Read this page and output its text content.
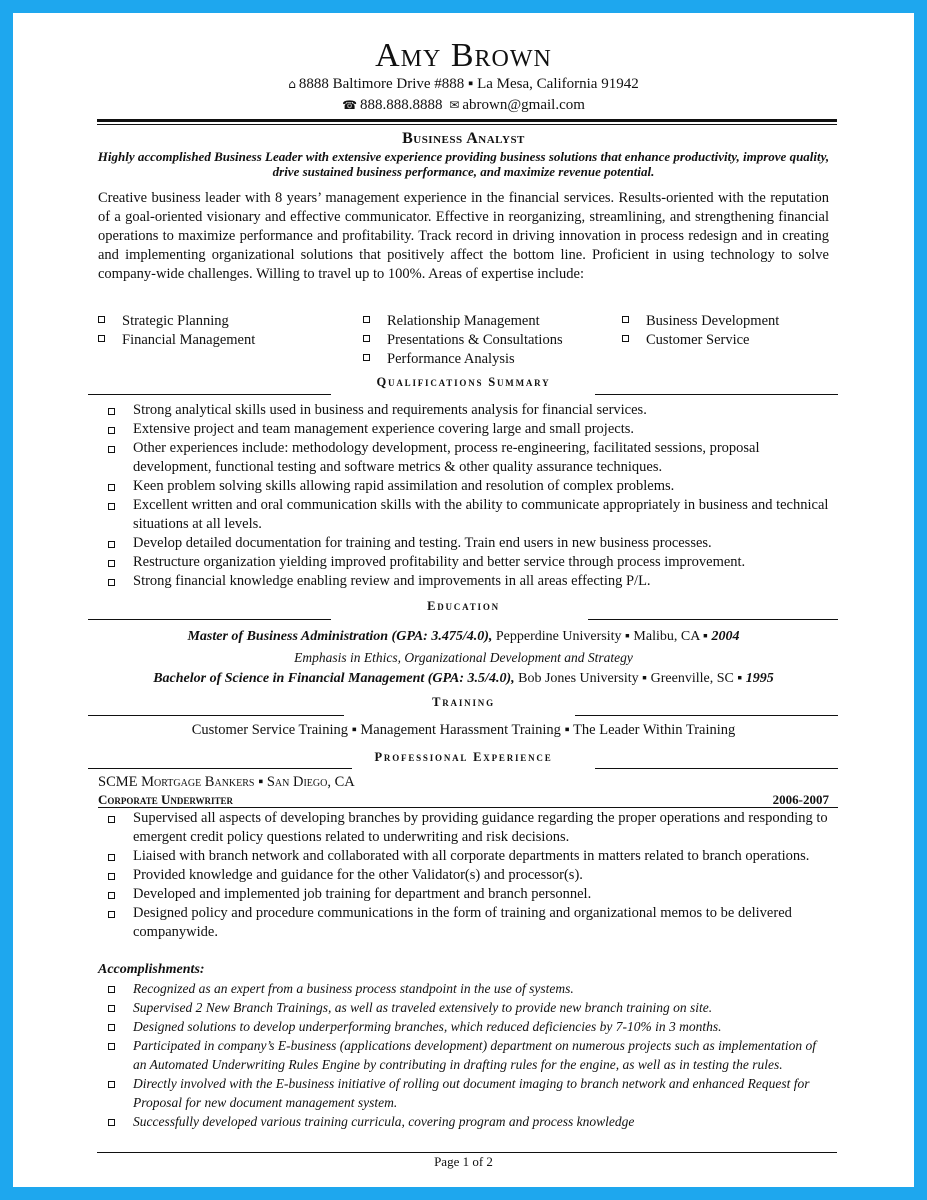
Amy Brown
⌂ 8888 Baltimore Drive #888 ▪ La Mesa, California 91942
☎ 888.888.8888 ✉ abrown@gmail.com
Business Analyst
Highly accomplished Business Leader with extensive experience providing business solutions that enhance productivity, improve quality, drive sustained business performance, and maximize revenue potential.
Creative business leader with 8 years’ management experience in the financial services. Results-oriented with the reputation of a goal-oriented visionary and effective communicator. Effective in reorganizing, streamlining, and strengthening financial operations to maximize performance and profitability. Track record in driving innovation in process redesign and in creating and implementing organizational solutions that positively affect the bottom line. Proficient in using technology to solve company-wide challenges. Willing to travel up to 100%. Areas of expertise include:
Strategic Planning
Financial Management
Relationship Management
Presentations & Consultations
Performance Analysis
Business Development
Customer Service
Qualifications Summary
Strong analytical skills used in business and requirements analysis for financial services.
Extensive project and team management experience covering large and small projects.
Other experiences include: methodology development, process re-engineering, facilitated sessions, proposal development, functional testing and software metrics & other quality assurance techniques.
Keen problem solving skills allowing rapid assimilation and resolution of complex problems.
Excellent written and oral communication skills with the ability to communicate appropriately in business and technical situations at all levels.
Develop detailed documentation for training and testing. Train end users in new business processes.
Restructure organization yielding improved profitability and better service through process improvement.
Strong financial knowledge enabling review and improvements in all areas effecting P/L.
Education
Master of Business Administration (GPA: 3.475/4.0), Pepperdine University ▪ Malibu, CA ▪ 2004
Emphasis in Ethics, Organizational Development and Strategy
Bachelor of Science in Financial Management (GPA: 3.5/4.0), Bob Jones University ▪ Greenville, SC ▪ 1995
Training
Customer Service Training ▪ Management Harassment Training ▪ The Leader Within Training
Professional Experience
SCME Mortgage Bankers ▪ San Diego, CA
Corporate Underwriter	2006-2007
Supervised all aspects of developing branches by providing guidance regarding the proper operations and responding to emergent credit policy questions related to underwriting and risk decisions.
Liaised with branch network and collaborated with all corporate departments in matters related to branch operations.
Provided knowledge and guidance for the other Validator(s) and processor(s).
Developed and implemented job training for department and branch personnel.
Designed policy and procedure communications in the form of training and organizational memos to be delivered companywide.
Accomplishments:
Recognized as an expert from a business process standpoint in the use of systems.
Supervised 2 New Branch Trainings, as well as traveled extensively to provide new branch training on site.
Designed solutions to develop underperforming branches, which reduced deficiencies by 7-10% in 3 months.
Participated in company’s E-business (applications development) department on numerous projects such as implementation of an Automated Underwriting Rules Engine by contributing in drafting rules for the engine, as well as in testing the rules.
Directly involved with the E-business initiative of rolling out document imaging to branch network and enhanced Request for Proposal for new document management system.
Successfully developed various training curricula, covering program and process knowledge
Page 1 of 2
